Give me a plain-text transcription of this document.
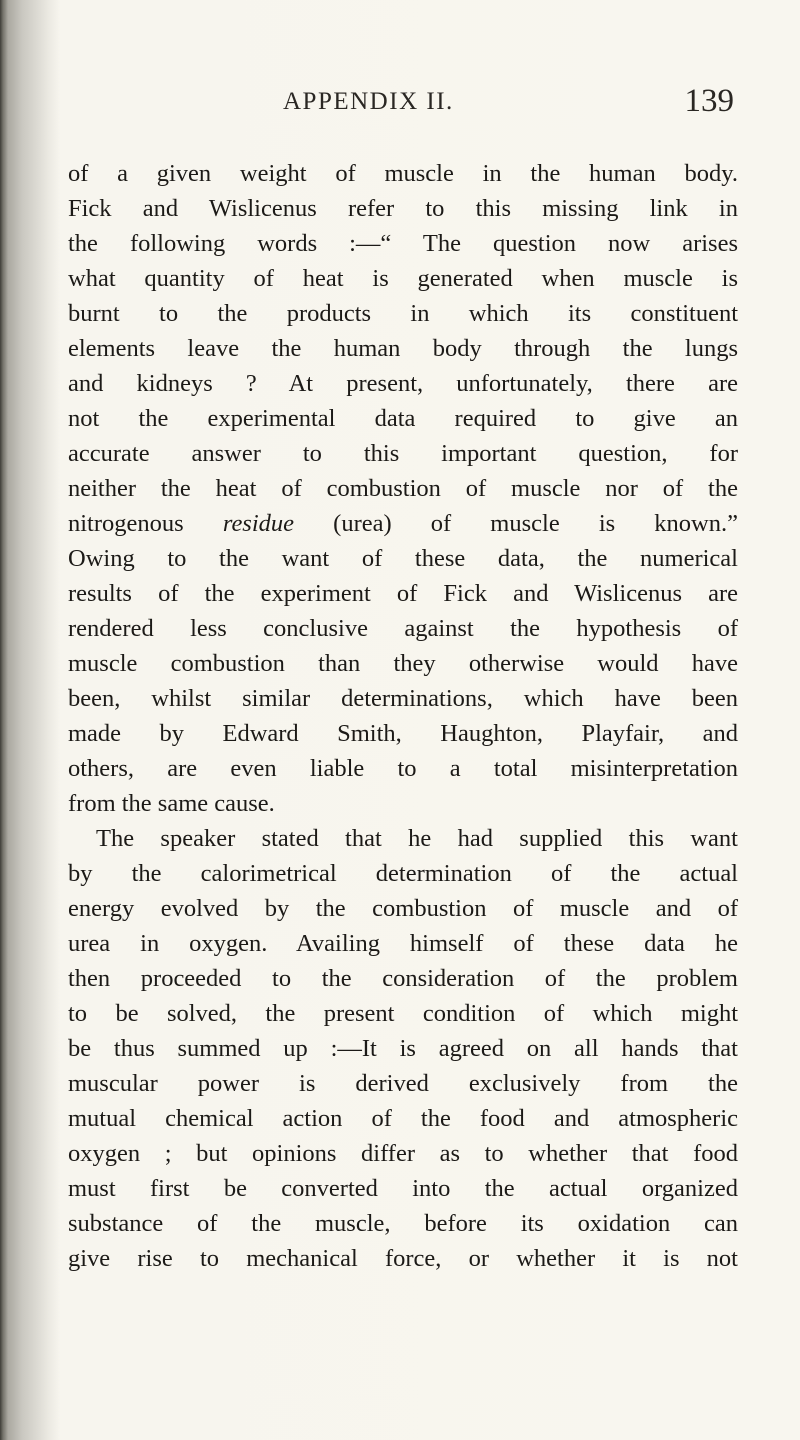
APPENDIX II.	139
of a given weight of muscle in the human body.
Fick and Wislicenus refer to this missing link in
the following words :—“ The question now arises
what quantity of heat is generated when muscle is
burnt to the products in which its constituent
elements leave the human body through the lungs
and kidneys ? At present, unfortunately, there are
not the experimental data required to give an
accurate answer to this important question, for
neither the heat of combustion of muscle nor of the
nitrogenous residue (urea) of muscle is known.”
Owing to the want of these data, the numerical
results of the experiment of Fick and Wislicenus are
rendered less conclusive against the hypothesis of
muscle combustion than they otherwise would have
been, whilst similar determinations, which have been
made by Edward Smith, Haughton, Playfair, and
others, are even liable to a total misinterpretation
from the same cause.
The speaker stated that he had supplied this want
by the calorimetrical determination of the actual
energy evolved by the combustion of muscle and of
urea in oxygen. Availing himself of these data he
then proceeded to the consideration of the problem
to be solved, the present condition of which might
be thus summed up :—It is agreed on all hands that
muscular power is derived exclusively from the
mutual chemical action of the food and atmospheric
oxygen ; but opinions differ as to whether that food
must first be converted into the actual organized
substance of the muscle, before its oxidation can
give rise to mechanical force, or whether it is not
